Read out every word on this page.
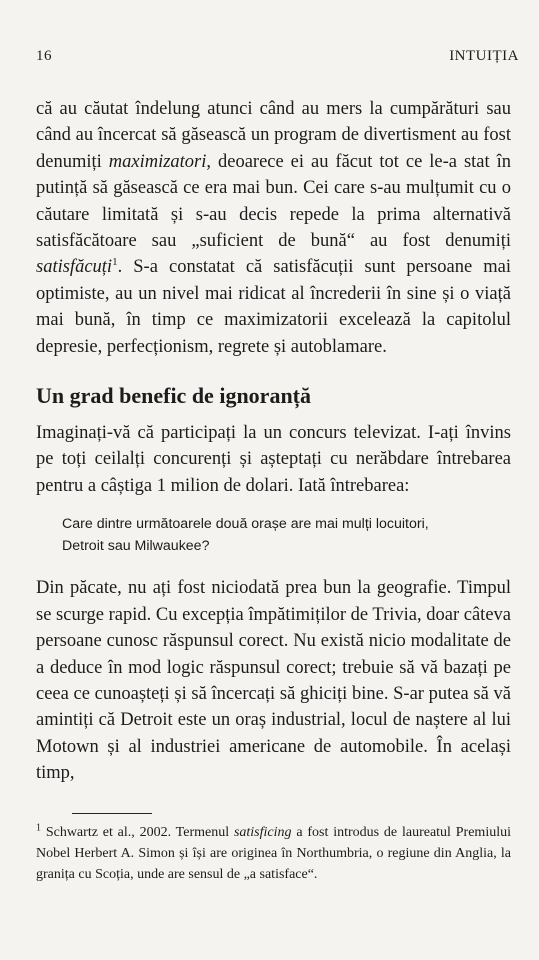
16	INTUIȚIA

că au căutat îndelung atunci când au mers la cumpărături sau când au încercat să găsească un program de divertisment au fost denumiți maximizatori, deoarece ei au făcut tot ce le-a stat în putință să găsească ce era mai bun. Cei care s-au mulțumit cu o căutare limitată și s-au decis repede la prima alternativă satisfăcătoare sau „suficient de bună“ au fost denumiți satisfăcuți$^1$. S-a constatat că satisfăcuții sunt persoane mai optimiste, au un nivel mai ridicat al încrederii în sine și o viață mai bună, în timp ce maximizatorii excelează la capitolul depresie, perfecționism, regrete și autoblamare.

Un grad benefic de ignoranță

Imaginați-vă că participați la un concurs televizat. I-ați învins pe toți ceilalți concurenți și așteptați cu nerăbdare întrebarea pentru a câștiga 1 milion de dolari. Iată întrebarea:

Care dintre următoarele două orașe are mai mulți locuitori,
Detroit sau Milwaukee?

Din păcate, nu ați fost niciodată prea bun la geografie. Timpul se scurge rapid. Cu excepția împătimiților de Trivia, doar câteva persoane cunosc răspunsul corect. Nu există nicio modalitate de a deduce în mod logic răspunsul corect; trebuie să vă bazați pe ceea ce cunoașteți și să încercați să ghiciți bine. S-ar putea să vă amintiți că Detroit este un oraș industrial, locul de naștere al lui Motown și al industriei americane de automobile. În același timp,

$^1$ Schwartz et al., 2002. Termenul satisficing a fost introdus de laureatul Premiului Nobel Herbert A. Simon și își are originea în Northumbria, o regiune din Anglia, la granița cu Scoția, unde are sensul de „a satisface“.
